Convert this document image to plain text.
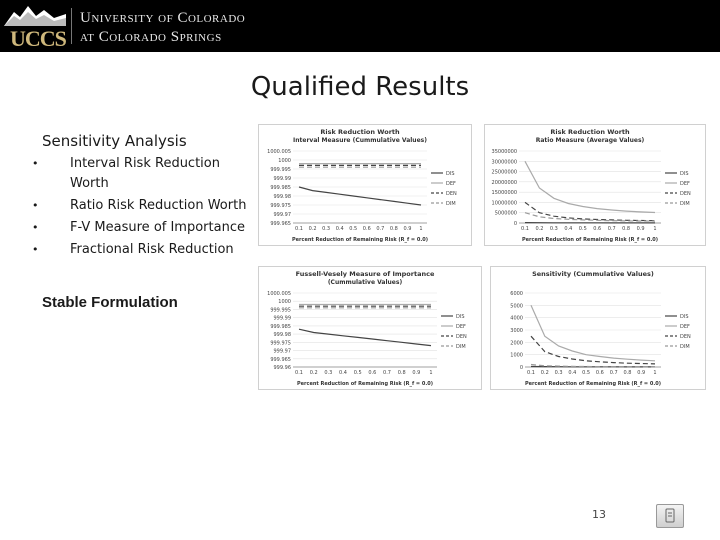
UCCS
University of Colorado
at Colorado Springs
Qualified Results
Sensitivity Analysis
• Interval Risk Reduction Worth
• Ratio Risk Reduction Worth
• F-V Measure of Importance
• Fractional Risk Reduction
Stable Formulation
Risk Reduction Worth
Interval Measure (Cummulative Values)
1000.005
1000
999.995
999.99
999.985
999.98
999.975
999.97
999.965
0.1 0.2 0.3 0.4 0.5 0.6 0.7 0.8 0.9 1
Percent Reduction of Remaining Risk (R_f = 0.0)
DIS
DEF
DEN
DIM
Risk Reduction Worth
Ratio Measure (Average Values)
35000000
30000000
25000000
20000000
15000000
10000000
5000000
0
0.1 0.2 0.3 0.4 0.5 0.6 0.7 0.8 0.9 1
Percent Reduction of Remaining Risk (R_f = 0.0)
DIS
DEF
DEN
DIM
Fussell-Vesely Measure of Importance
(Cummulative Values)
1000.005
1000
999.995
999.99
999.985
999.98
999.975
999.97
999.965
999.96
0.1 0.2 0.3 0.4 0.5 0.6 0.7 0.8 0.9 1
Percent Reduction of Remaining Risk (R_f = 0.0)
DIS
DEF
DEN
DIM
Sensitivity (Cummulative Values)
6000
5000
4000
3000
2000
1000
0
0.1 0.2 0.3 0.4 0.5 0.6 0.7 0.8 0.9 1
Percent Reduction of Remaining Risk (R_f = 0.0)
DIS
DEF
DEN
DIM
13
